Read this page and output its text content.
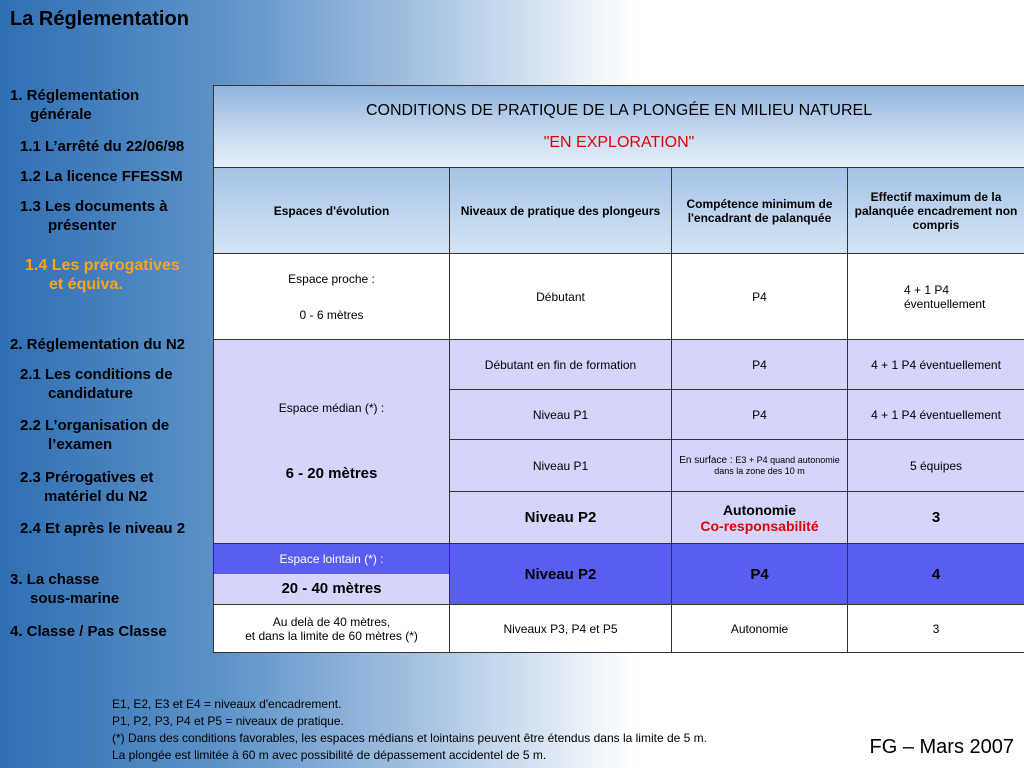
La Réglementation
1. Réglementation
générale
1.1 L’arrêté du 22/06/98
1.2 La licence FFESSM
1.3 Les documents à
présenter
1.4 Les prérogatives
et équiva.
2. Réglementation du N2
2.1 Les conditions de
candidature
2.2 L’organisation de
l’examen
2.3 Prérogatives et
matériel du N2
2.4 Et après le niveau 2
3. La chasse
sous-marine
4. Classe / Pas Classe
CONDITIONS DE PRATIQUE DE LA PLONGÉE EN MILIEU NATUREL
"EN EXPLORATION"			

Espaces d'évolution	Niveaux de pratique des plongeurs	Compétence minimum de l'encadrant de palanquée	Effectif maximum de la palanquée encadrement non compris

Espace proche :
0 - 6 mètres	Débutant	P4	4 + 1 P4 éventuellement

Espace médian (*) :
6 - 20 mètres	Débutant en fin de formation	P4	4 + 1 P4 éventuellement
	Niveau P1	P4	4 + 1 P4 éventuellement
	Niveau P1	En surface : E3 + P4 quand autonomie dans la zone des 10 m	5 équipes
	Niveau P2	Autonomie
Co-responsabilité	3

Espace lointain (*) :
20 - 40 mètres	Niveau P2	P4	4

Au delà de 40 mètres,
et dans la limite de 60 mètres (*)	Niveaux P3, P4 et P5	Autonomie	3
E1, E2, E3 et E4 = niveaux d'encadrement.
P1, P2, P3, P4 et P5 = niveaux de pratique.
(*) Dans des conditions favorables, les espaces médians et lointains peuvent être étendus dans la limite de 5 m.
La plongée est limitée à 60 m avec possibilité de dépassement accidentel de 5 m.	FG – Mars 2007
